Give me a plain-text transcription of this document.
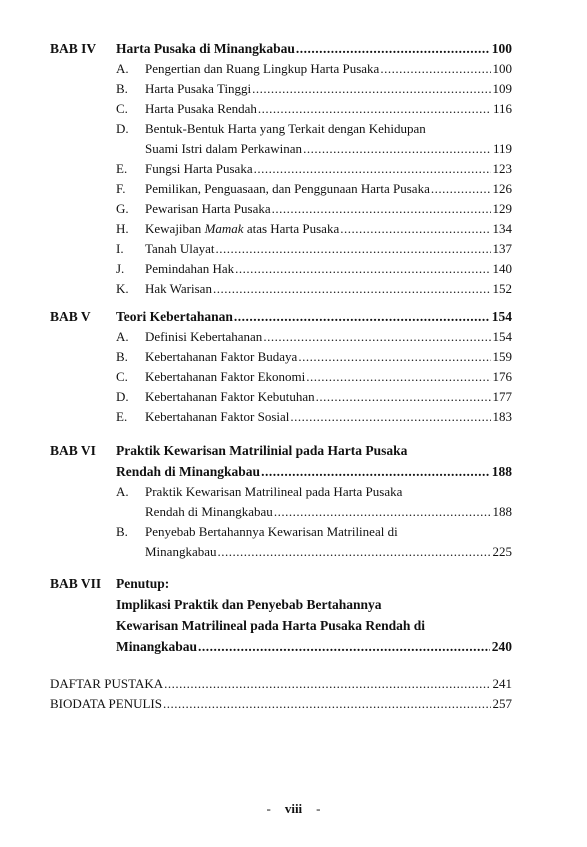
BAB IV Harta Pusaka di Minangkabau .....	100
A. Pengertian dan Ruang Lingkup Harta Pusaka .....	100
B. Harta Pusaka Tinggi .....	109
C. Harta Pusaka Rendah .....	116
D. Bentuk-Bentuk Harta yang Terkait dengan Kehidupan
Suami Istri dalam Perkawinan .....	119
E. Fungsi Harta Pusaka .....	123
F. Pemilikan, Penguasaan, dan Penggunaan Harta Pusaka .....	126
G. Pewarisan Harta Pusaka .....	129
H. Kewajiban Mamak atas Harta Pusaka .....	134
I. Tanah Ulayat .....	137
J. Pemindahan Hak .....	140
K. Hak Warisan .....	152
BAB V Teori Kebertahanan .....	154
A. Definisi Kebertahanan .....	154
B. Kebertahanan Faktor Budaya .....	159
C. Kebertahanan Faktor Ekonomi .....	176
D. Kebertahanan Faktor Kebutuhan .....	177
E. Kebertahanan Faktor Sosial .....	183
BAB VI Praktik Kewarisan Matrilinial pada Harta Pusaka
Rendah di Minangkabau .....	188
A. Praktik Kewarisan Matrilineal pada Harta Pusaka
Rendah di Minangkabau .....	188
B. Penyebab Bertahannya Kewarisan Matrilineal di
Minangkabau .....	225
BAB VII Penutup:
Implikasi Praktik dan Penyebab Bertahannya
Kewarisan Matrilineal pada Harta Pusaka Rendah di
Minangkabau .....	240
DAFTAR PUSTAKA .....	241
BIODATA PENULIS .....	257
- viii -
